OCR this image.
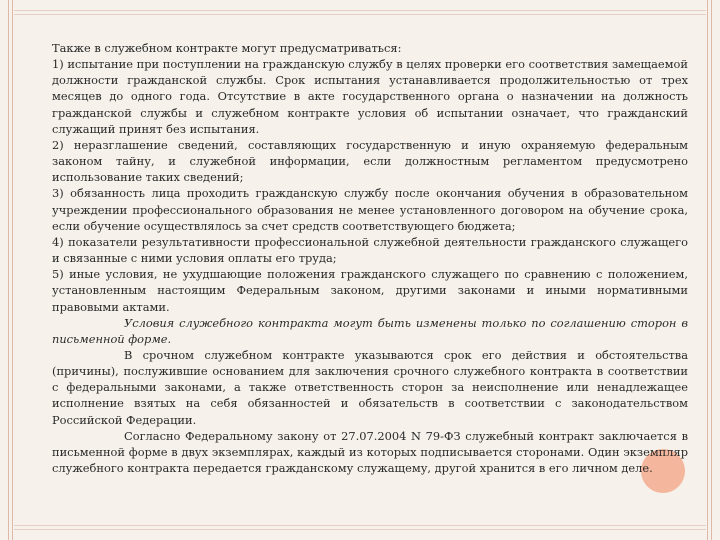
Также в служебном контракте могут предусматриваться:

1) испытание при поступлении на гражданскую службу в целях проверки его соответствия замещаемой должности гражданской службы. Срок испытания устанавливается продолжительностью от трех месяцев до одного года. Отсутствие в акте государственного органа о назначении на должность гражданской службы и служебном контракте условия об испытании означает, что гражданский служащий принят без испытания.

2) неразглашение сведений, составляющих государственную и иную охраняемую федеральным законом тайну, и служебной информации, если должностным регламентом предусмотрено использование таких сведений;

3) обязанность лица проходить гражданскую службу после окончания обучения в образовательном учреждении профессионального образования не менее установленного договором на обучение срока, если обучение осуществлялось за счет средств соответствующего бюджета;

4) показатели результативности профессиональной служебной деятельности гражданского служащего и связанные с ними условия оплаты его труда;

5) иные условия, не ухудшающие положения гражданского служащего по сравнению с положением, установленным настоящим Федеральным законом, другими законами и иными нормативными правовыми актами.

Условия служебного контракта могут быть изменены только по соглашению сторон в письменной форме.

В срочном служебном контракте указываются срок его действия и обстоятельства (причины), послужившие основанием для заключения срочного служебного контракта в соответствии с федеральными законами, а также ответственность сторон за неисполнение или ненадлежащее исполнение взятых на себя обязанностей и обязательств в соответствии с законодательством Российской Федерации.

Согласно Федеральному закону от 27.07.2004 N 79-ФЗ служебный контракт заключается в письменной форме в двух экземплярах, каждый из которых подписывается сторонами. Один экземпляр служебного контракта передается гражданскому служащему, другой хранится в его личном деле.
